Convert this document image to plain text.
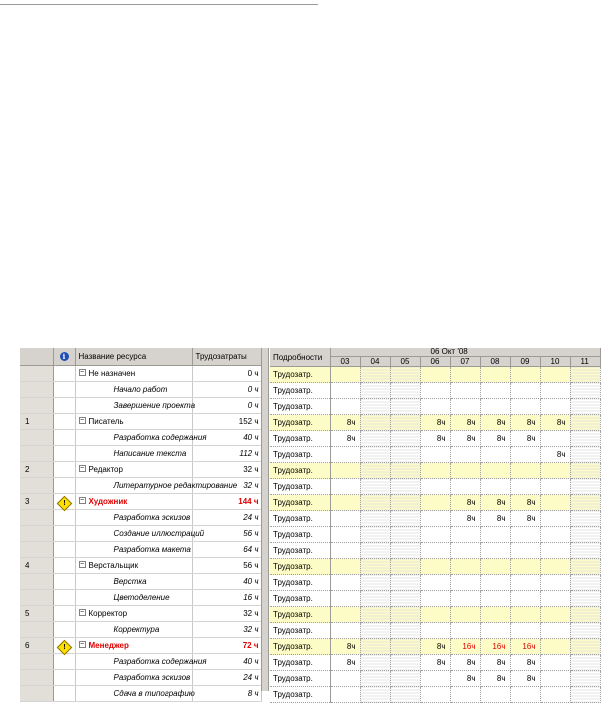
	i	Название ресурса	Трудозатраты
		− Не назначен	0 ч
		Начало работ	0 ч
		Завершение проекта	0 ч
1		− Писатель	152 ч
		Разработка содержания	40 ч
		Написание текста	112 ч
2		− Редактор	32 ч
		Литературное редактирование	32 ч
3	!	− Художник	144 ч
		Разработка эскизов	24 ч
		Создание иллюстраций	56 ч
		Разработка макета	64 ч
4		− Верстальщик	56 ч
		Верстка	40 ч
		Цветоделение	16 ч
5		− Корректор	32 ч
		Корректура	32 ч
6	!	− Менеджер	72 ч
		Разработка содержания	40 ч
		Разработка эскизов	24 ч
		Сдача в типографию	8 ч
Подробности	06 Окт '08								
	03	04	05	06	07	08	09	10	11
Трудозатр.									
Трудозатр.									
Трудозатр.									
Трудозатр.	8ч			8ч	8ч	8ч	8ч	8ч	
Трудозатр.	8ч			8ч	8ч	8ч	8ч		
Трудозатр.								8ч	
Трудозатр.									
Трудозатр.									
Трудозатр.					8ч	8ч	8ч		
Трудозатр.					8ч	8ч	8ч		
Трудозатр.									
Трудозатр.									
Трудозатр.									
Трудозатр.									
Трудозатр.									
Трудозатр.									
Трудозатр.									
Трудозатр.	8ч			8ч	16ч	16ч	16ч		
Трудозатр.	8ч			8ч	8ч	8ч	8ч		
Трудозатр.					8ч	8ч	8ч		
Трудозатр.									
